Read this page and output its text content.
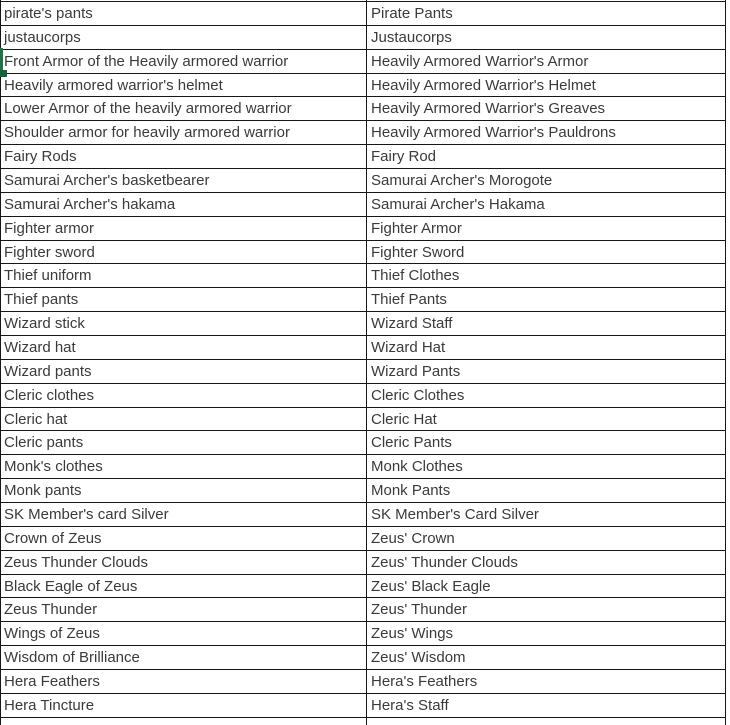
pirate's pants	Pirate Pants
justaucorps	Justaucorps
Front Armor of the Heavily armored warrior	Heavily Armored Warrior's Armor
Heavily armored warrior's helmet	Heavily Armored Warrior's Helmet
Lower Armor of the heavily armored warrior	Heavily Armored Warrior's Greaves
Shoulder armor for heavily armored warrior	Heavily Armored Warrior's Pauldrons
Fairy Rods	Fairy Rod
Samurai Archer's basketbearer	Samurai Archer's Morogote
Samurai Archer's hakama	Samurai Archer's Hakama
Fighter armor	Fighter Armor
Fighter sword	Fighter Sword
Thief uniform	Thief Clothes
Thief pants	Thief Pants
Wizard stick	Wizard Staff
Wizard hat	Wizard Hat
Wizard pants	Wizard Pants
Cleric clothes	Cleric Clothes
Cleric hat	Cleric Hat
Cleric pants	Cleric Pants
Monk's clothes	Monk Clothes
Monk pants	Monk Pants
SK Member's card Silver	SK Member's Card Silver
Crown of Zeus	Zeus' Crown
Zeus Thunder Clouds	Zeus' Thunder Clouds
Black Eagle of Zeus	Zeus' Black Eagle
Zeus Thunder	Zeus' Thunder
Wings of Zeus	Zeus' Wings
Wisdom of Brilliance	Zeus' Wisdom
Hera Feathers	Hera's Feathers
Hera Tincture	Hera's Staff
